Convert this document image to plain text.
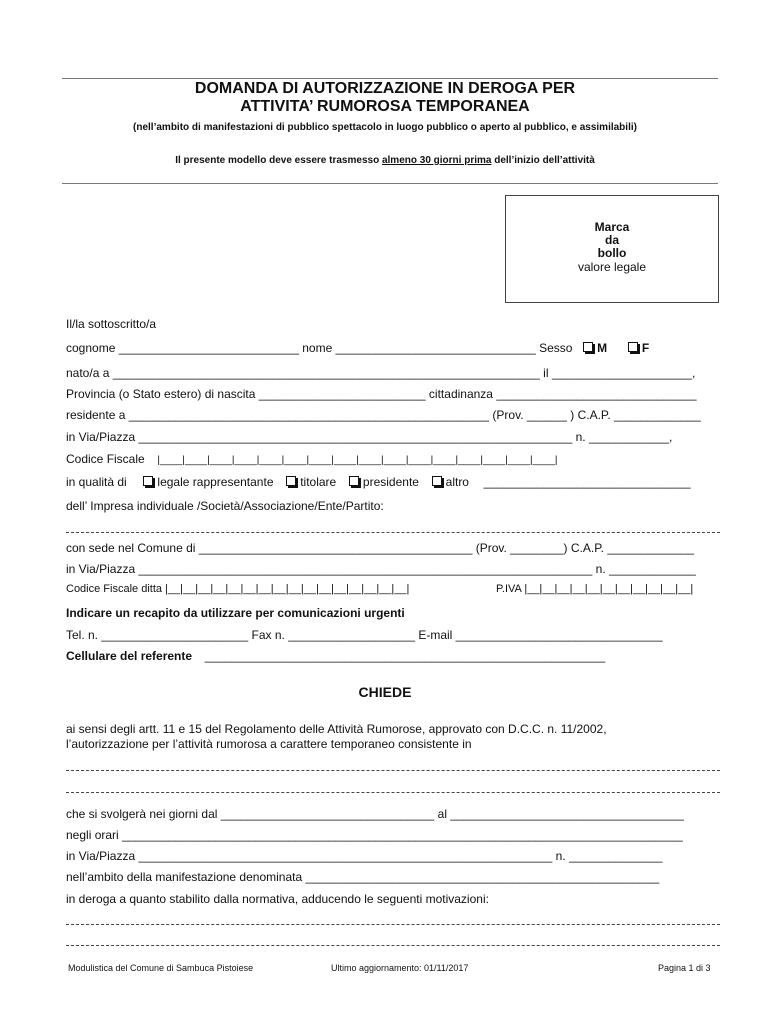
DOMANDA DI AUTORIZZAZIONE IN DEROGA PER
ATTIVITA’ RUMOROSA TEMPORANEA
(nell’ambito di manifestazioni di pubblico spettacolo in luogo pubblico o aperto al pubblico, e assimilabili)
Il presente modello deve essere trasmesso almeno 30 giorni prima dell’inizio dell’attività
Marca
da
bollo
valore legale
Il/la sottoscritto/a
cognome ___________________________ nome ______________________________ Sesso M	F
nato/a a ________________________________________________________________ il _____________________,
Provincia (o Stato estero) di nascita _________________________ cittadinanza ______________________________
residente a ______________________________________________________ (Prov. ______ ) C.A.P. _____________
in Via/Piazza _________________________________________________________________ n. ____________,
Codice Fiscale |____|____|____|____|____|____|____|____|____|____|____|____|____|____|____|____|
in qualità di	legale rappresentante titolare presidente altro _______________________________
dell’ Impresa individuale /Società/Associazione/Ente/Partito:
con sede nel Comune di _________________________________________ (Prov. ________) C.A.P. _____________
in Via/Piazza ____________________________________________________________________ n. _____________
Codice Fiscale ditta |__|__|__|__|__|__|__|__|__|__|__|__|__|__|__|__|	P.IVA |__|__|__|__|__|__|__|__|__|__|__|
Indicare un recapito da utilizzare per comunicazioni urgenti
Tel. n. ______________________ Fax n. ___________________ E-mail _______________________________
Cellulare del referente ____________________________________________________________
CHIEDE
ai sensi degli artt. 11 e 15 del Regolamento delle Attività Rumorose, approvato con D.C.C. n. 11/2002,
l’autorizzazione per l’attività rumorosa a carattere temporaneo consistente in
che si svolgerà nei giorni dal ________________________________ al ___________________________________
negli orari ____________________________________________________________________________________
in Via/Piazza ______________________________________________________________ n. ______________
nell’ambito della manifestazione denominata _____________________________________________________
in deroga a quanto stabilito dalla normativa, adducendo le seguenti motivazioni:
Modulistica del Comune di Sambuca Pistoiese	Ultimo aggiornamento: 01/11/2017	Pagina 1 di 3
